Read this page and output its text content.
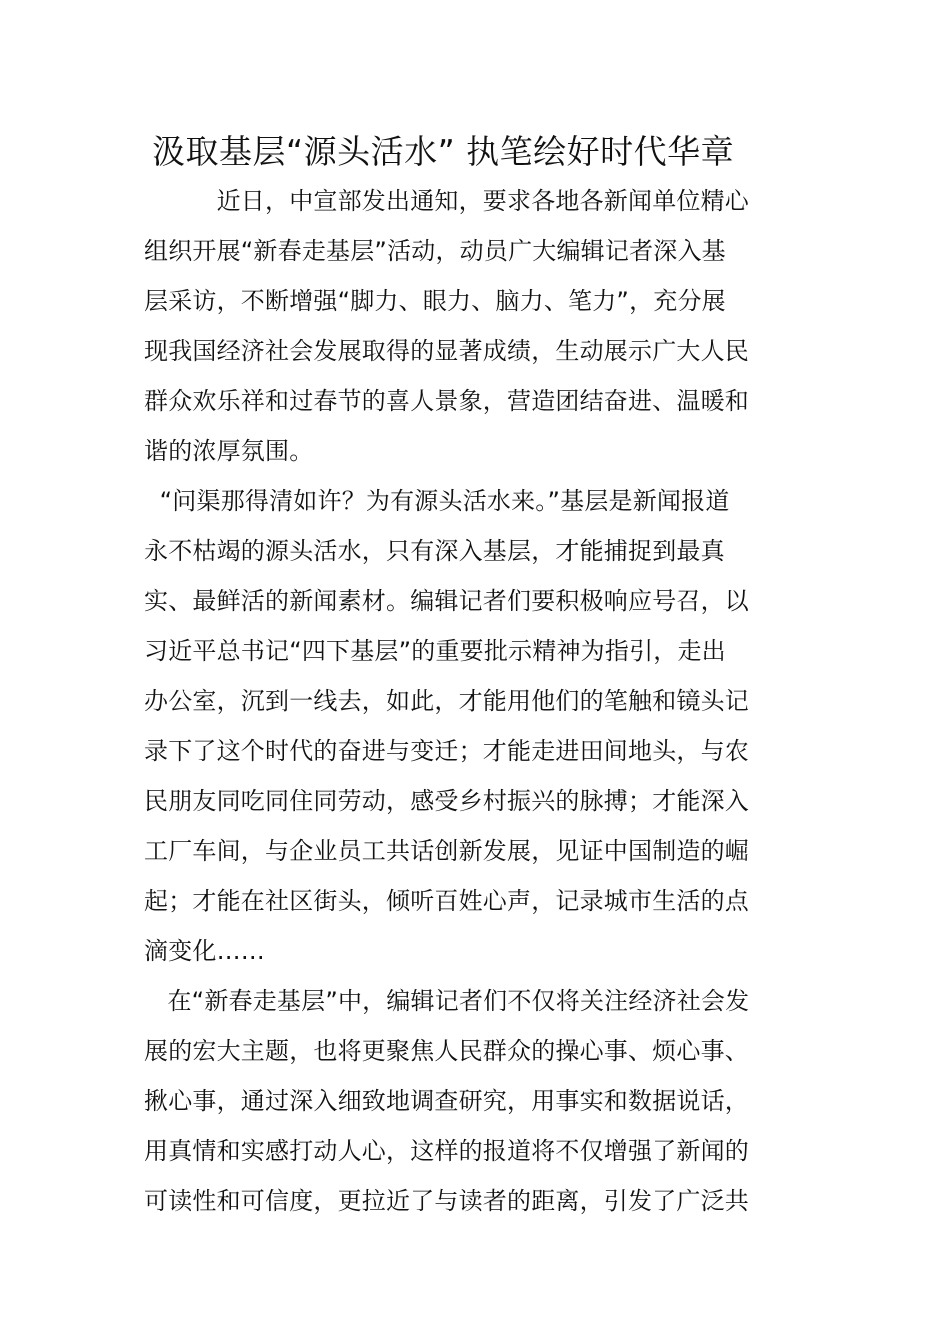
汲取基层“源头活水” 执笔绘好时代华章
　　　近日，中宣部发出通知，要求各地各新闻单位精心
组织开展“新春走基层”活动，动员广大编辑记者深入基
层采访，不断增强“脚力、眼力、脑力、笔力”，充分展
现我国经济社会发展取得的显著成绩，生动展示广大人民
群众欢乐祥和过春节的喜人景象，营造团结奋进、温暖和
谐的浓厚氛围。
“问渠那得清如许？为有源头活水来。”基层是新闻报道
永不枯竭的源头活水，只有深入基层，才能捕捉到最真
实、最鲜活的新闻素材。编辑记者们要积极响应号召，以
习近平总书记“四下基层”的重要批示精神为指引，走出
办公室，沉到一线去，如此，才能用他们的笔触和镜头记
录下了这个时代的奋进与变迁；才能走进田间地头，与农
民朋友同吃同住同劳动，感受乡村振兴的脉搏；才能深入
工厂车间，与企业员工共话创新发展，见证中国制造的崛
起；才能在社区街头，倾听百姓心声，记录城市生活的点
滴变化……
在“新春走基层”中，编辑记者们不仅将关注经济社会发
展的宏大主题，也将更聚焦人民群众的操心事、烦心事、
揪心事，通过深入细致地调查研究，用事实和数据说话，
用真情和实感打动人心，这样的报道将不仅增强了新闻的
可读性和可信度，更拉近了与读者的距离，引发了广泛共
